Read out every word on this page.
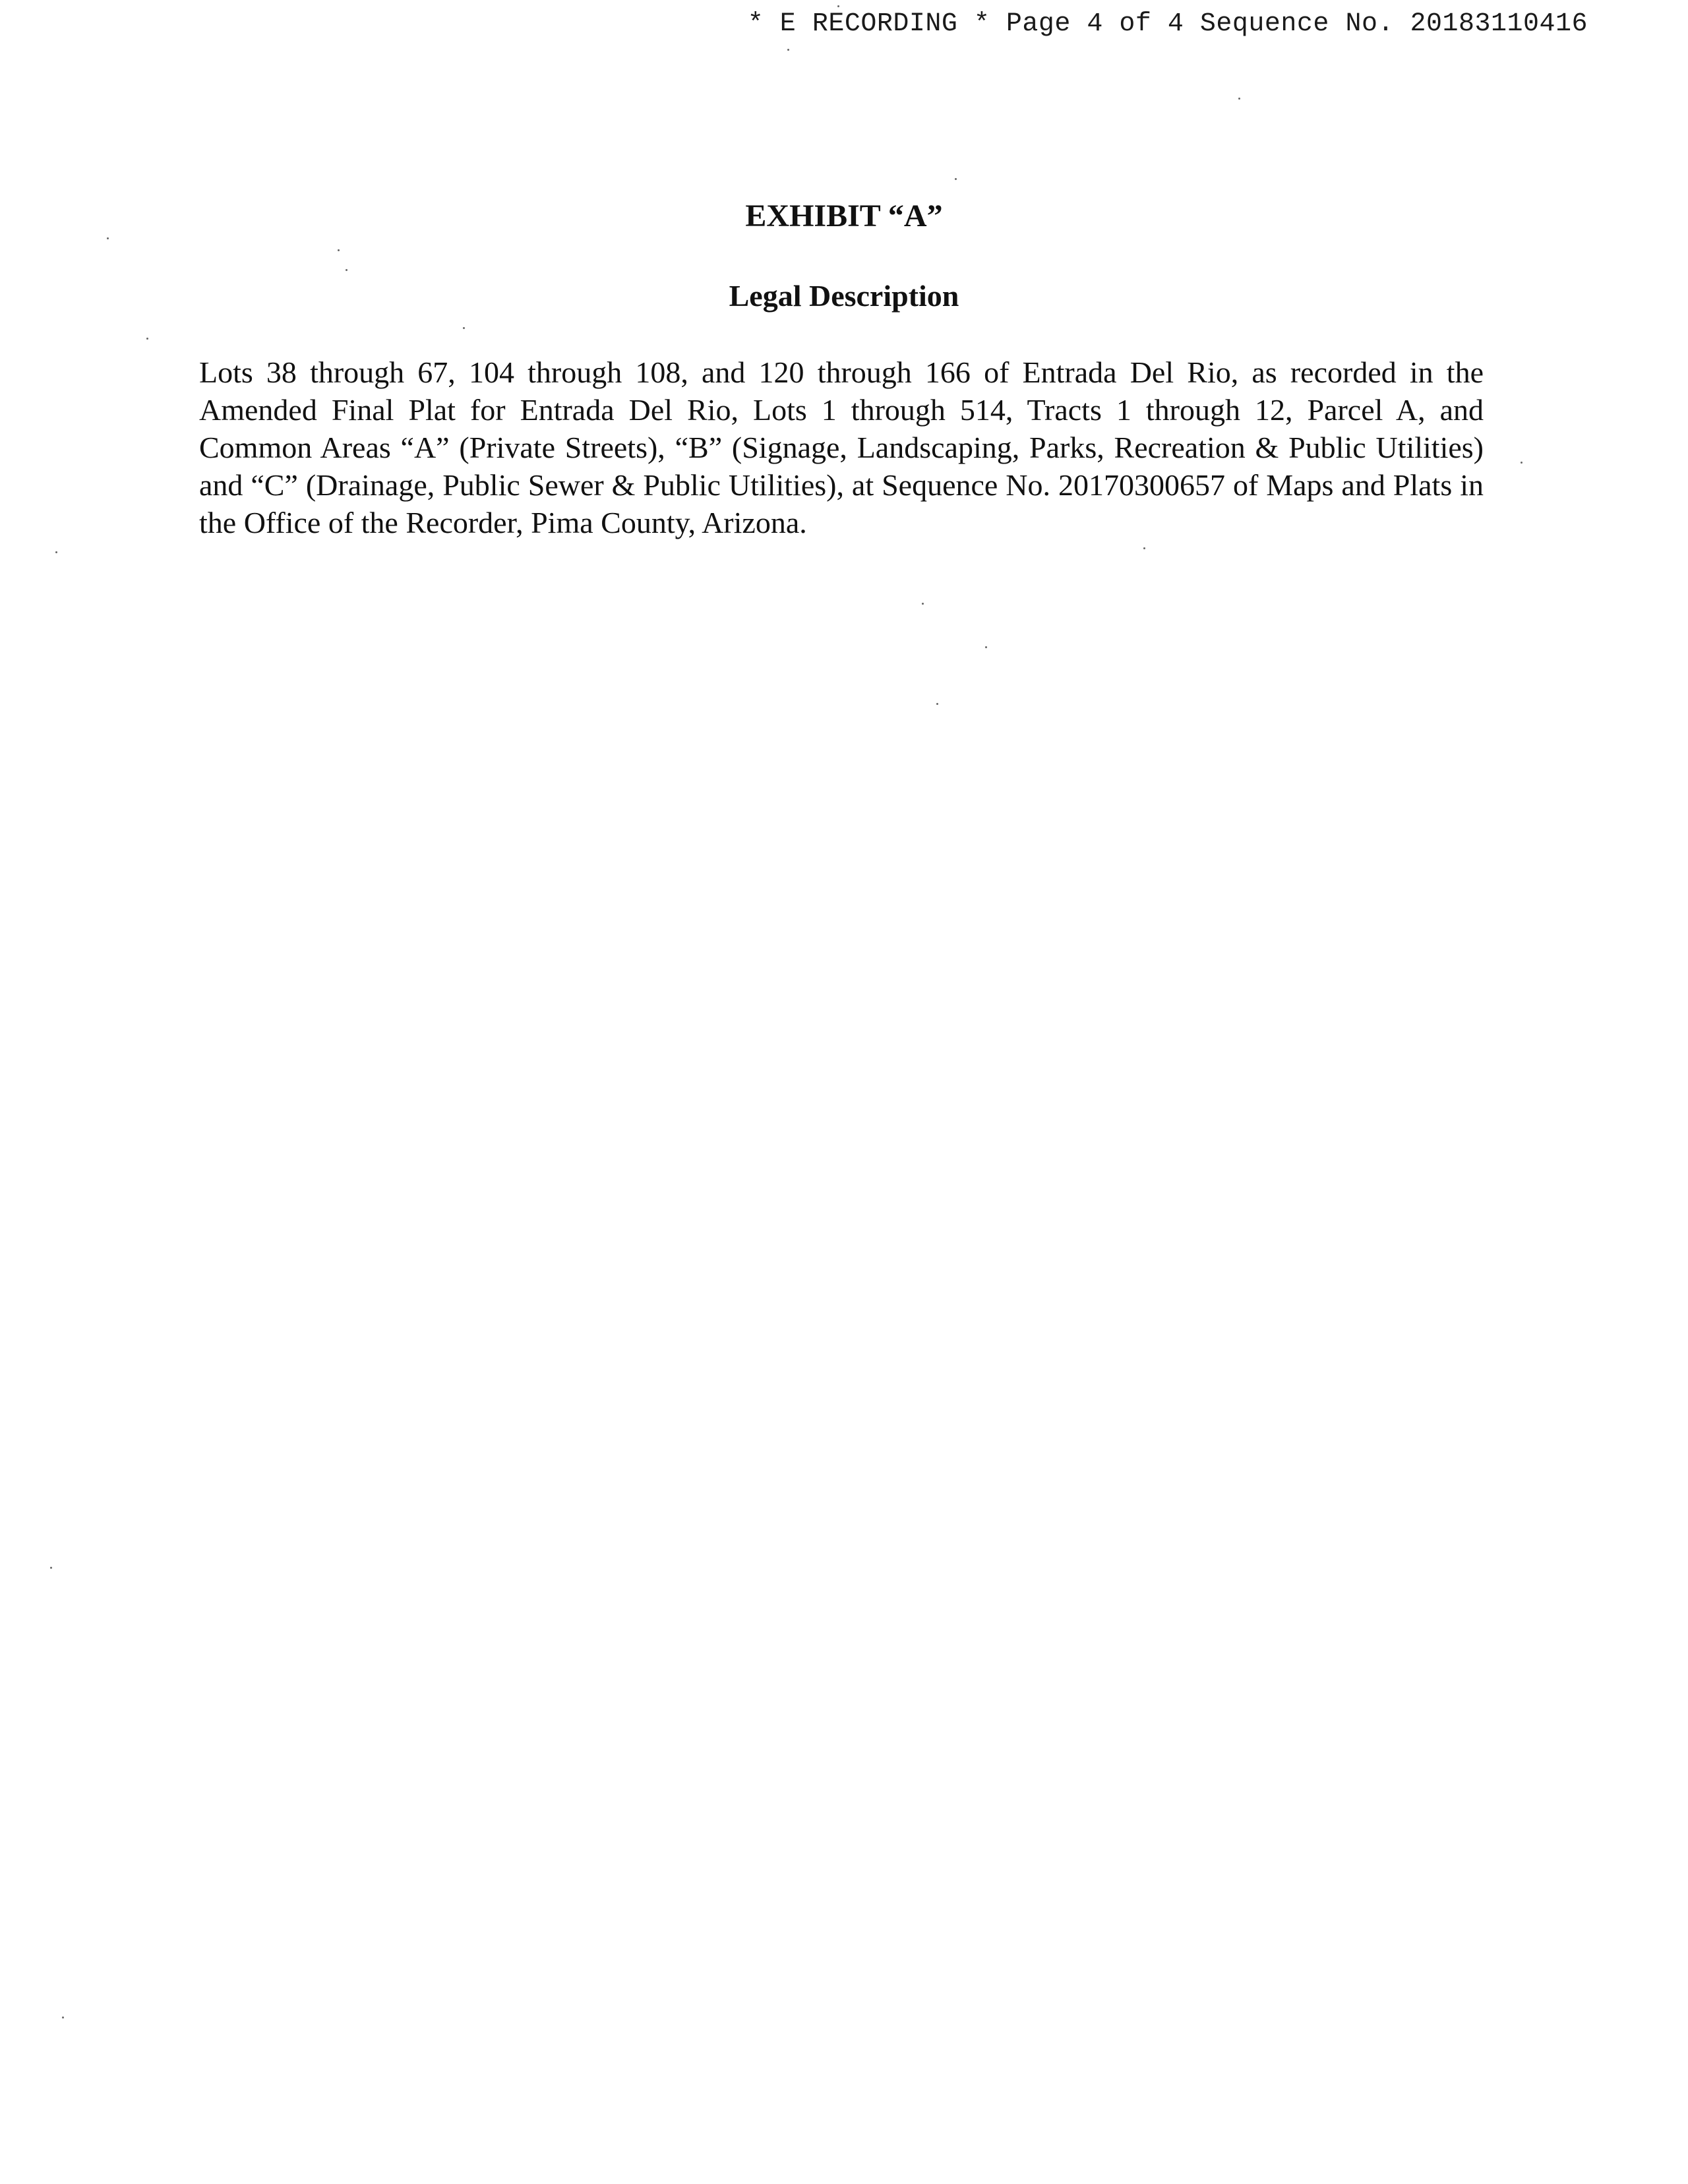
* E RECORDING * Page 4 of 4 Sequence No. 20183110416
EXHIBIT “A”
Legal Description

Lots 38 through 67, 104 through 108, and 120 through 166 of Entrada Del Rio, as recorded in the Amended Final Plat for Entrada Del Rio, Lots 1 through 514, Tracts 1 through 12, Parcel A, and Common Areas “A” (Private Streets), “B” (Signage, Landscaping, Parks, Recreation & Public Utilities) and “C” (Drainage, Public Sewer & Public Utilities), at Sequence No. 20170300657 of Maps and Plats in the Office of the Recorder, Pima County, Arizona.
